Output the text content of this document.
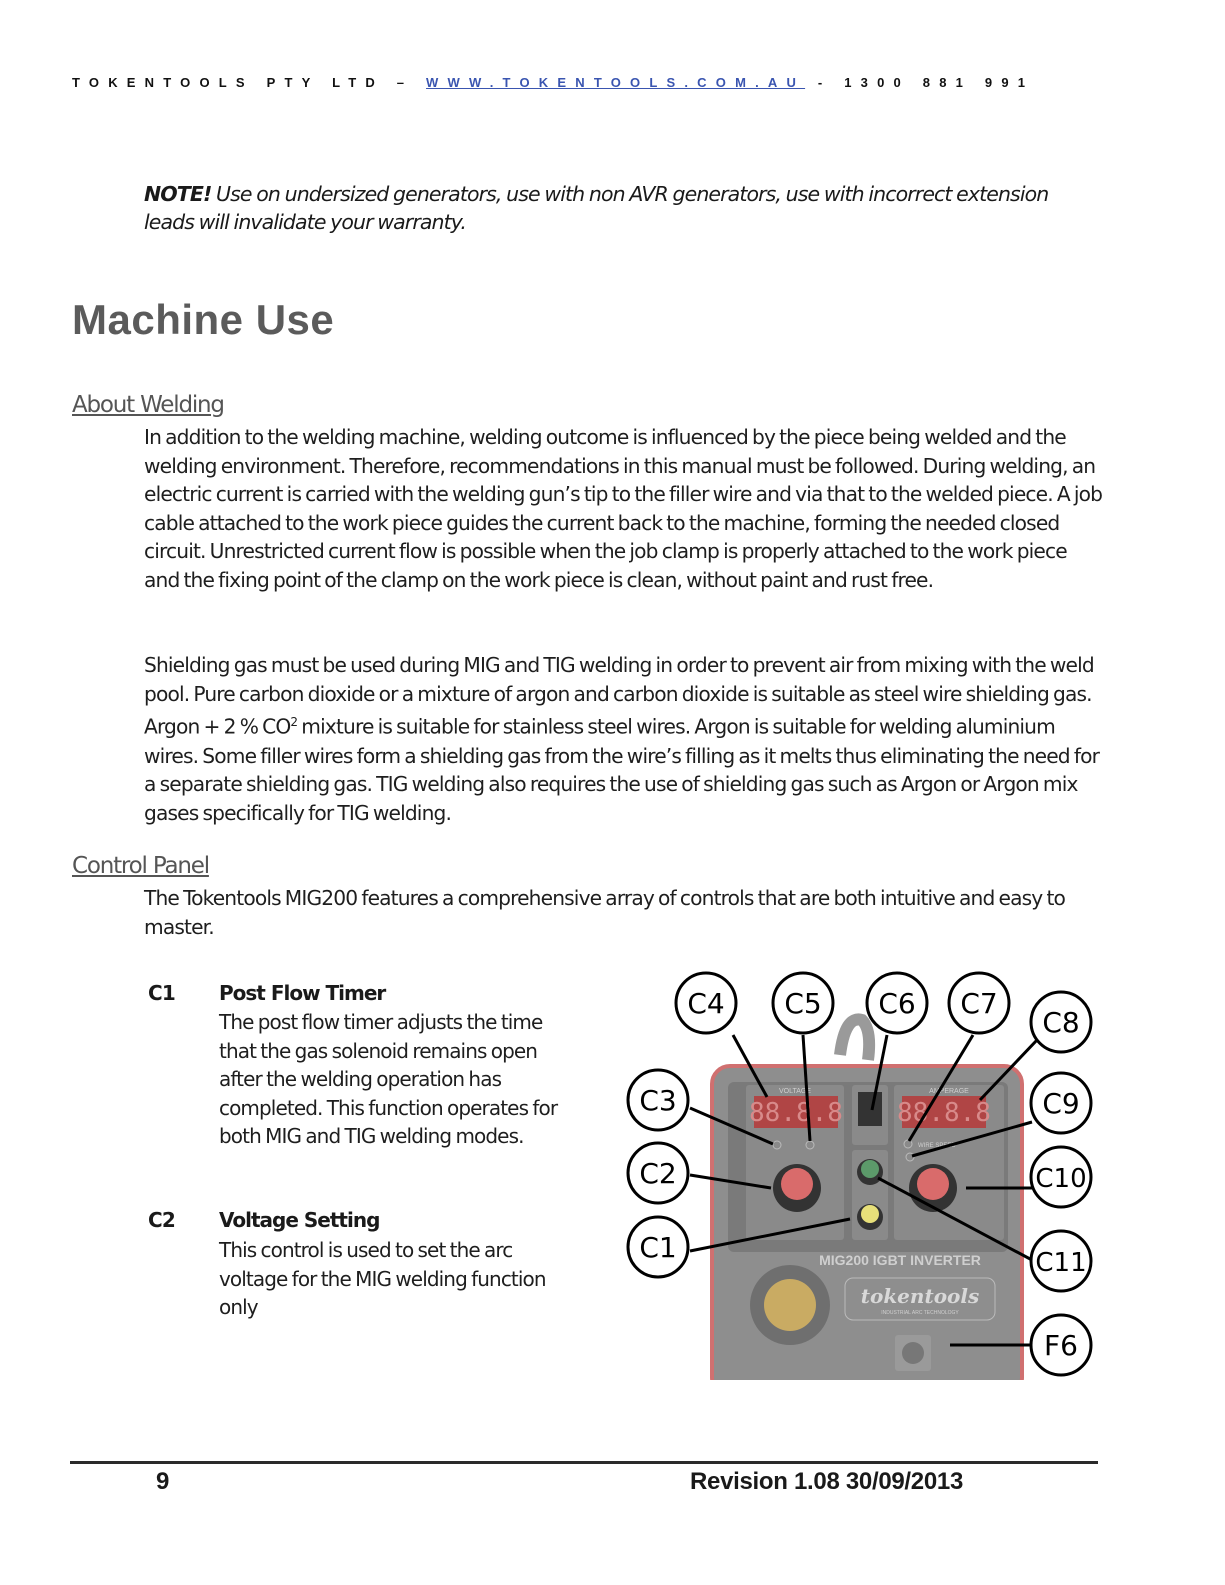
TOKENTOOLS PTY LTD – WWW.TOKENTOOLS.COM.AU - 1300 881 991
NOTE! Use on undersized generators, use with non AVR generators, use with incorrect extension leads will invalidate your warranty.
Machine Use
About Welding
In addition to the welding machine, welding outcome is influenced by the piece being welded and the welding environment. Therefore, recommendations in this manual must be followed. During welding, an electric current is carried with the welding gun’s tip to the filler wire and via that to the welded piece. A job cable attached to the work piece guides the current back to the machine, forming the needed closed circuit. Unrestricted current flow is possible when the job clamp is properly attached to the work piece and the fixing point of the clamp on the work piece is clean, without paint and rust free.
Shielding gas must be used during MIG and TIG welding in order to prevent air from mixing with the weld pool. Pure carbon dioxide or a mixture of argon and carbon dioxide is suitable as steel wire shielding gas. Argon + 2 % $CO^2$ mixture is suitable for stainless steel wires. Argon is suitable for welding aluminium wires. Some filler wires form a shielding gas from the wire’s filling as it melts thus eliminating the need for a separate shielding gas. TIG welding also requires the use of shielding gas such as Argon or Argon mix gases specifically for TIG welding.
Control Panel
The Tokentools MIG200 features a comprehensive array of controls that are both intuitive and easy to master.
C1 Post Flow Timer
The post flow timer adjusts the time that the gas solenoid remains open after the welding operation has completed. This function operates for both MIG and TIG welding modes.
C2 Voltage Setting
This control is used to set the arc voltage for the MIG welding function only
VOLTAGE
88.8.8
AMPERAGE
88.8.8
WIRE SPEED
MIG200 IGBT INVERTER
tokentools
INDUSTRIAL ARC TECHNOLOGY
C4 C5 C6 C7
C8
C3	C9
C2	C10
C1	C11
F6
9	Revision 1.08 30/09/2013
